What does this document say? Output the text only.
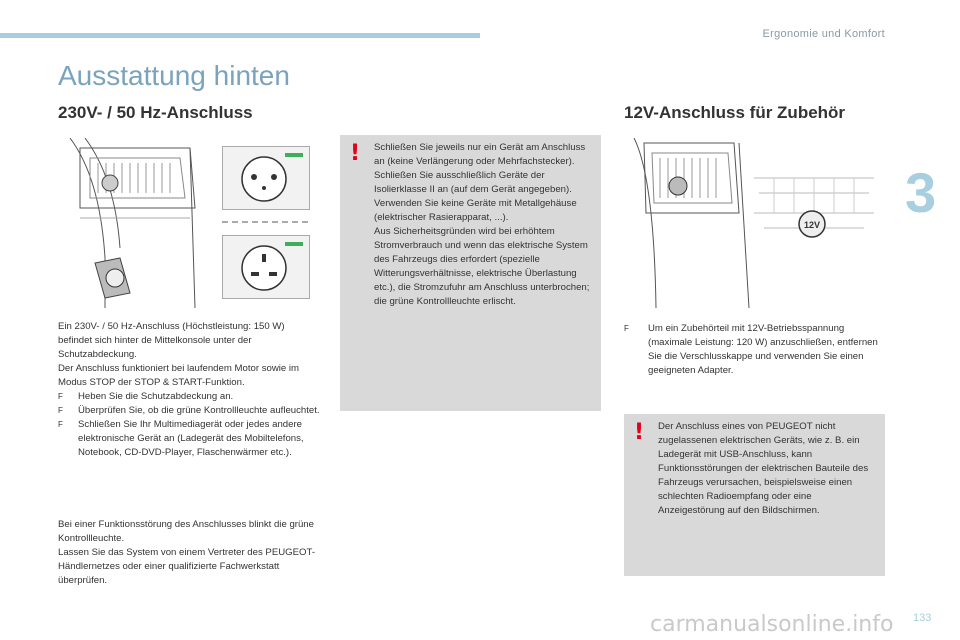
Ergonomie und Komfort
3
Ausstattung hinten
230V- / 50 Hz-Anschluss	12V-Anschluss für Zubehör

Ein 230V- / 50 Hz-Anschluss (Höchstleistung: 150 W) befindet sich hinter de Mittelkonsole unter der Schutzabdeckung.

Der Anschluss funktioniert bei laufendem Motor sowie im Modus STOP der STOP & START-Funktion.

F Heben Sie die Schutzabdeckung an.
F Überprüfen Sie, ob die grüne Kontrollleuchte aufleuchtet.
F Schließen Sie Ihr Multimediagerät oder jedes andere elektronische Gerät an (Ladegerät des Mobiltelefons, Notebook, CD-DVD-Player, Flaschenwärmer etc.).

Bei einer Funktionsstörung des Anschlusses blinkt die grüne Kontrollleuchte.

Lassen Sie das System von einem Vertreter des PEUGEOT-Händlernetzes oder einer qualifizierte Fachwerkstatt überprüfen.

! Schließen Sie jeweils nur ein Gerät am Anschluss an (keine Verlängerung oder Mehrfachstecker).

Schließen Sie ausschließlich Geräte der Isolierklasse II an (auf dem Gerät angegeben).

Verwenden Sie keine Geräte mit Metallgehäuse (elektrischer Rasierapparat, ...).

Aus Sicherheitsgründen wird bei erhöhtem Stromverbrauch und wenn das elektrische System des Fahrzeugs dies erfordert (spezielle Witterungsverhältnisse, elektrische Überlastung etc.), die Stromzufuhr am Anschluss unterbrochen; die grüne Kontrollleuchte erlischt.

12V
F Um ein Zubehörteil mit 12V-Betriebsspannung (maximale Leistung: 120 W) anzuschließen, entfernen Sie die Verschlusskappe und verwenden Sie einen geeigneten Adapter.
! Der Anschluss eines von PEUGEOT nicht zugelassenen elektrischen Geräts, wie z. B. ein Ladegerät mit USB-Anschluss, kann Funktionsstörungen der elektrischen Bauteile des Fahrzeugs verursachen, beispielsweise einen schlechten Radioempfang oder eine Anzeigestörung auf den Bildschirmen.
carmanualsonline.info 133
